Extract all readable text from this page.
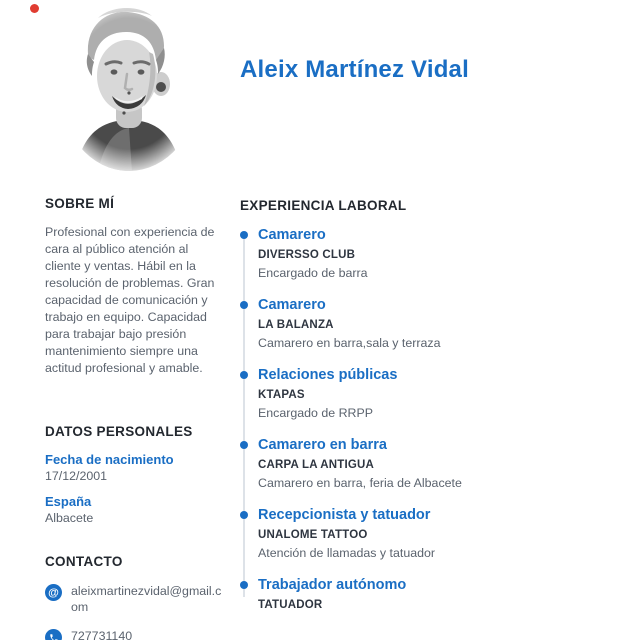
Aleix Martínez Vidal
SOBRE MÍ
Profesional con experiencia de cara al público atención al cliente y ventas. Hábil en la resolución de problemas. Gran capacidad de comunicación y trabajo en equipo. Capacidad para trabajar bajo presión mantenimiento siempre una actitud profesional y amable.
DATOS PERSONALES
Fecha de nacimiento
17/12/2001
España
Albacete
CONTACTO
@ aleixmartinezvidal@gmail.com
727731140
EXPERIENCIA LABORAL
Camarero
DIVERSSO CLUB
Encargado de barra
Camarero
LA BALANZA
Camarero en barra,sala y terraza
Relaciones públicas
KTAPAS
Encargado de RRPP
Camarero en barra
CARPA LA ANTIGUA
Camarero en barra, feria de Albacete
Recepcionista y tatuador
UNALOME TATTOO
Atención de llamadas y tatuador
Trabajador autónomo
TATUADOR
